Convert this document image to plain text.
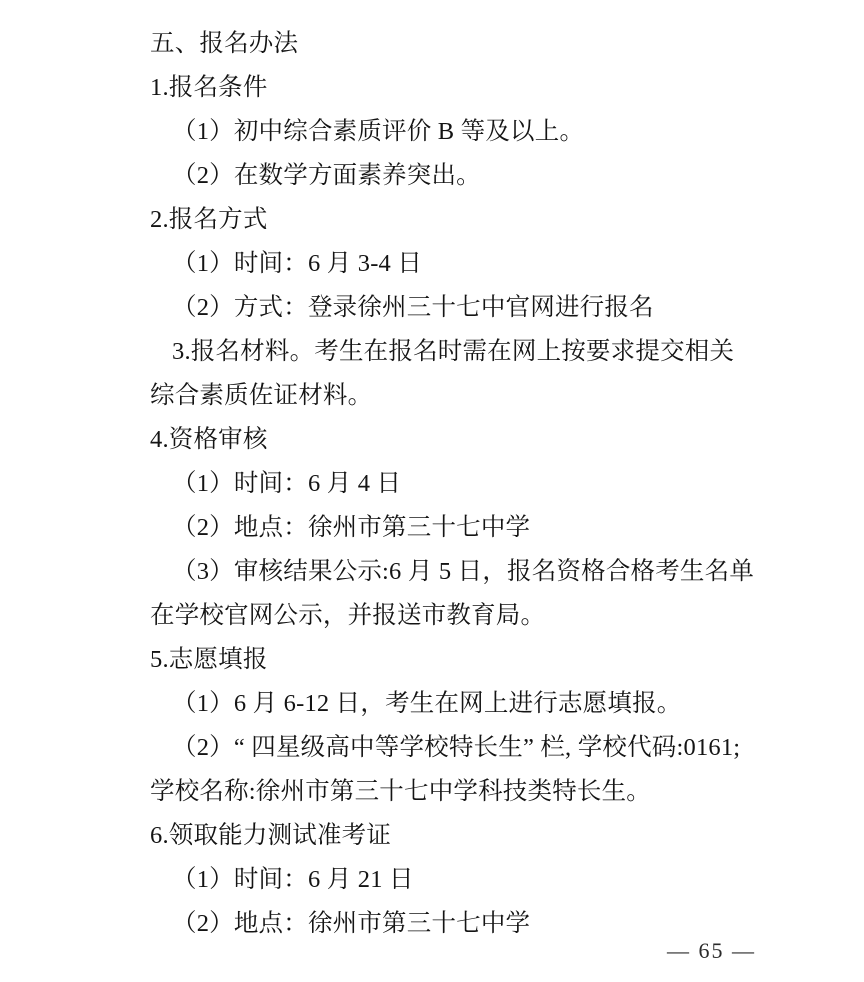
五、报名办法

1.报名条件

（1）初中综合素质评价 B 等及以上。

（2）在数学方面素养突出。

2.报名方式

（1）时间：6 月 3-4 日

（2）方式：登录徐州三十七中官网进行报名

3.报名材料。考生在报名时需在网上按要求提交相关综合素质佐证材料。

4.资格审核

（1）时间：6 月 4 日

（2）地点：徐州市第三十七中学

（3）审核结果公示:6 月 5 日，报名资格合格考生名单在学校官网公示，并报送市教育局。

5.志愿填报

（1）6 月 6-12 日，考生在网上进行志愿填报。

（2）“ 四星级高中等学校特长生” 栏, 学校代码:0161;学校名称:徐州市第三十七中学科技类特长生。

6.领取能力测试准考证

（1）时间：6 月 21 日

（2）地点：徐州市第三十七中学

— 65 —
